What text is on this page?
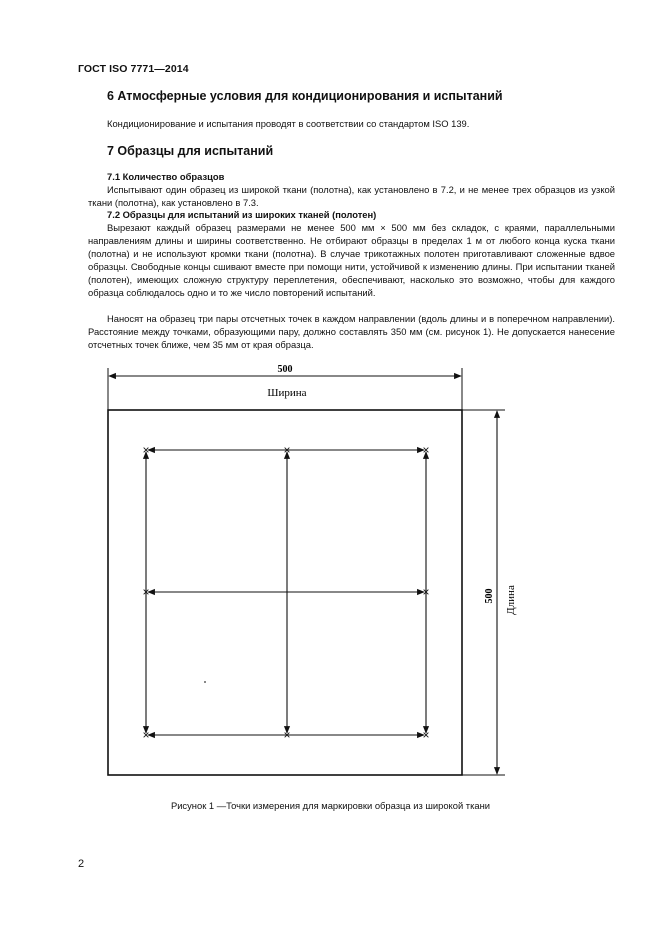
ГОСТ ISO 7771—2014
6 Атмосферные условия для кондиционирования и испытаний
Кондиционирование и испытания проводят в соответствии со стандартом ISO 139.
7 Образцы для испытаний
7.1 Количество образцов
Испытывают один образец из широкой ткани (полотна), как установлено в 7.2, и не менее трех образцов из узкой ткани (полотна), как установлено в 7.3.
7.2 Образцы для испытаний из широких тканей (полотен)
Вырезают каждый образец размерами не менее 500 мм × 500 мм без складок, с краями, параллельными направлениям длины и ширины соответственно. Не отбирают образцы в пределах 1 м от любого конца куска ткани (полотна) и не используют кромки ткани (полотна). В случае трикотажных полотен приготавливают сложенные вдвое образцы. Свободные концы сшивают вместе при помощи нити, устойчивой к изменению длины. При испытании тканей (полотен), имеющих сложную структуру переплетения, обеспечивают, насколько это возможно, чтобы для каждого образца соблюдалось одно и то же число повторений испытаний.
Наносят на образец три пары отсчетных точек в каждом направлении (вдоль длины и в поперечном направлении). Расстояние между точками, образующими пару, должно составлять 350 мм (см. рисунок 1). Не допускается нанесение отсчетных точек ближе, чем 35 мм от края образца.
500
Ширина
500 Длина
×	×	×
×	×
×	×	×
Рисунок 1 —Точки измерения для маркировки образца из широкой ткани
2
